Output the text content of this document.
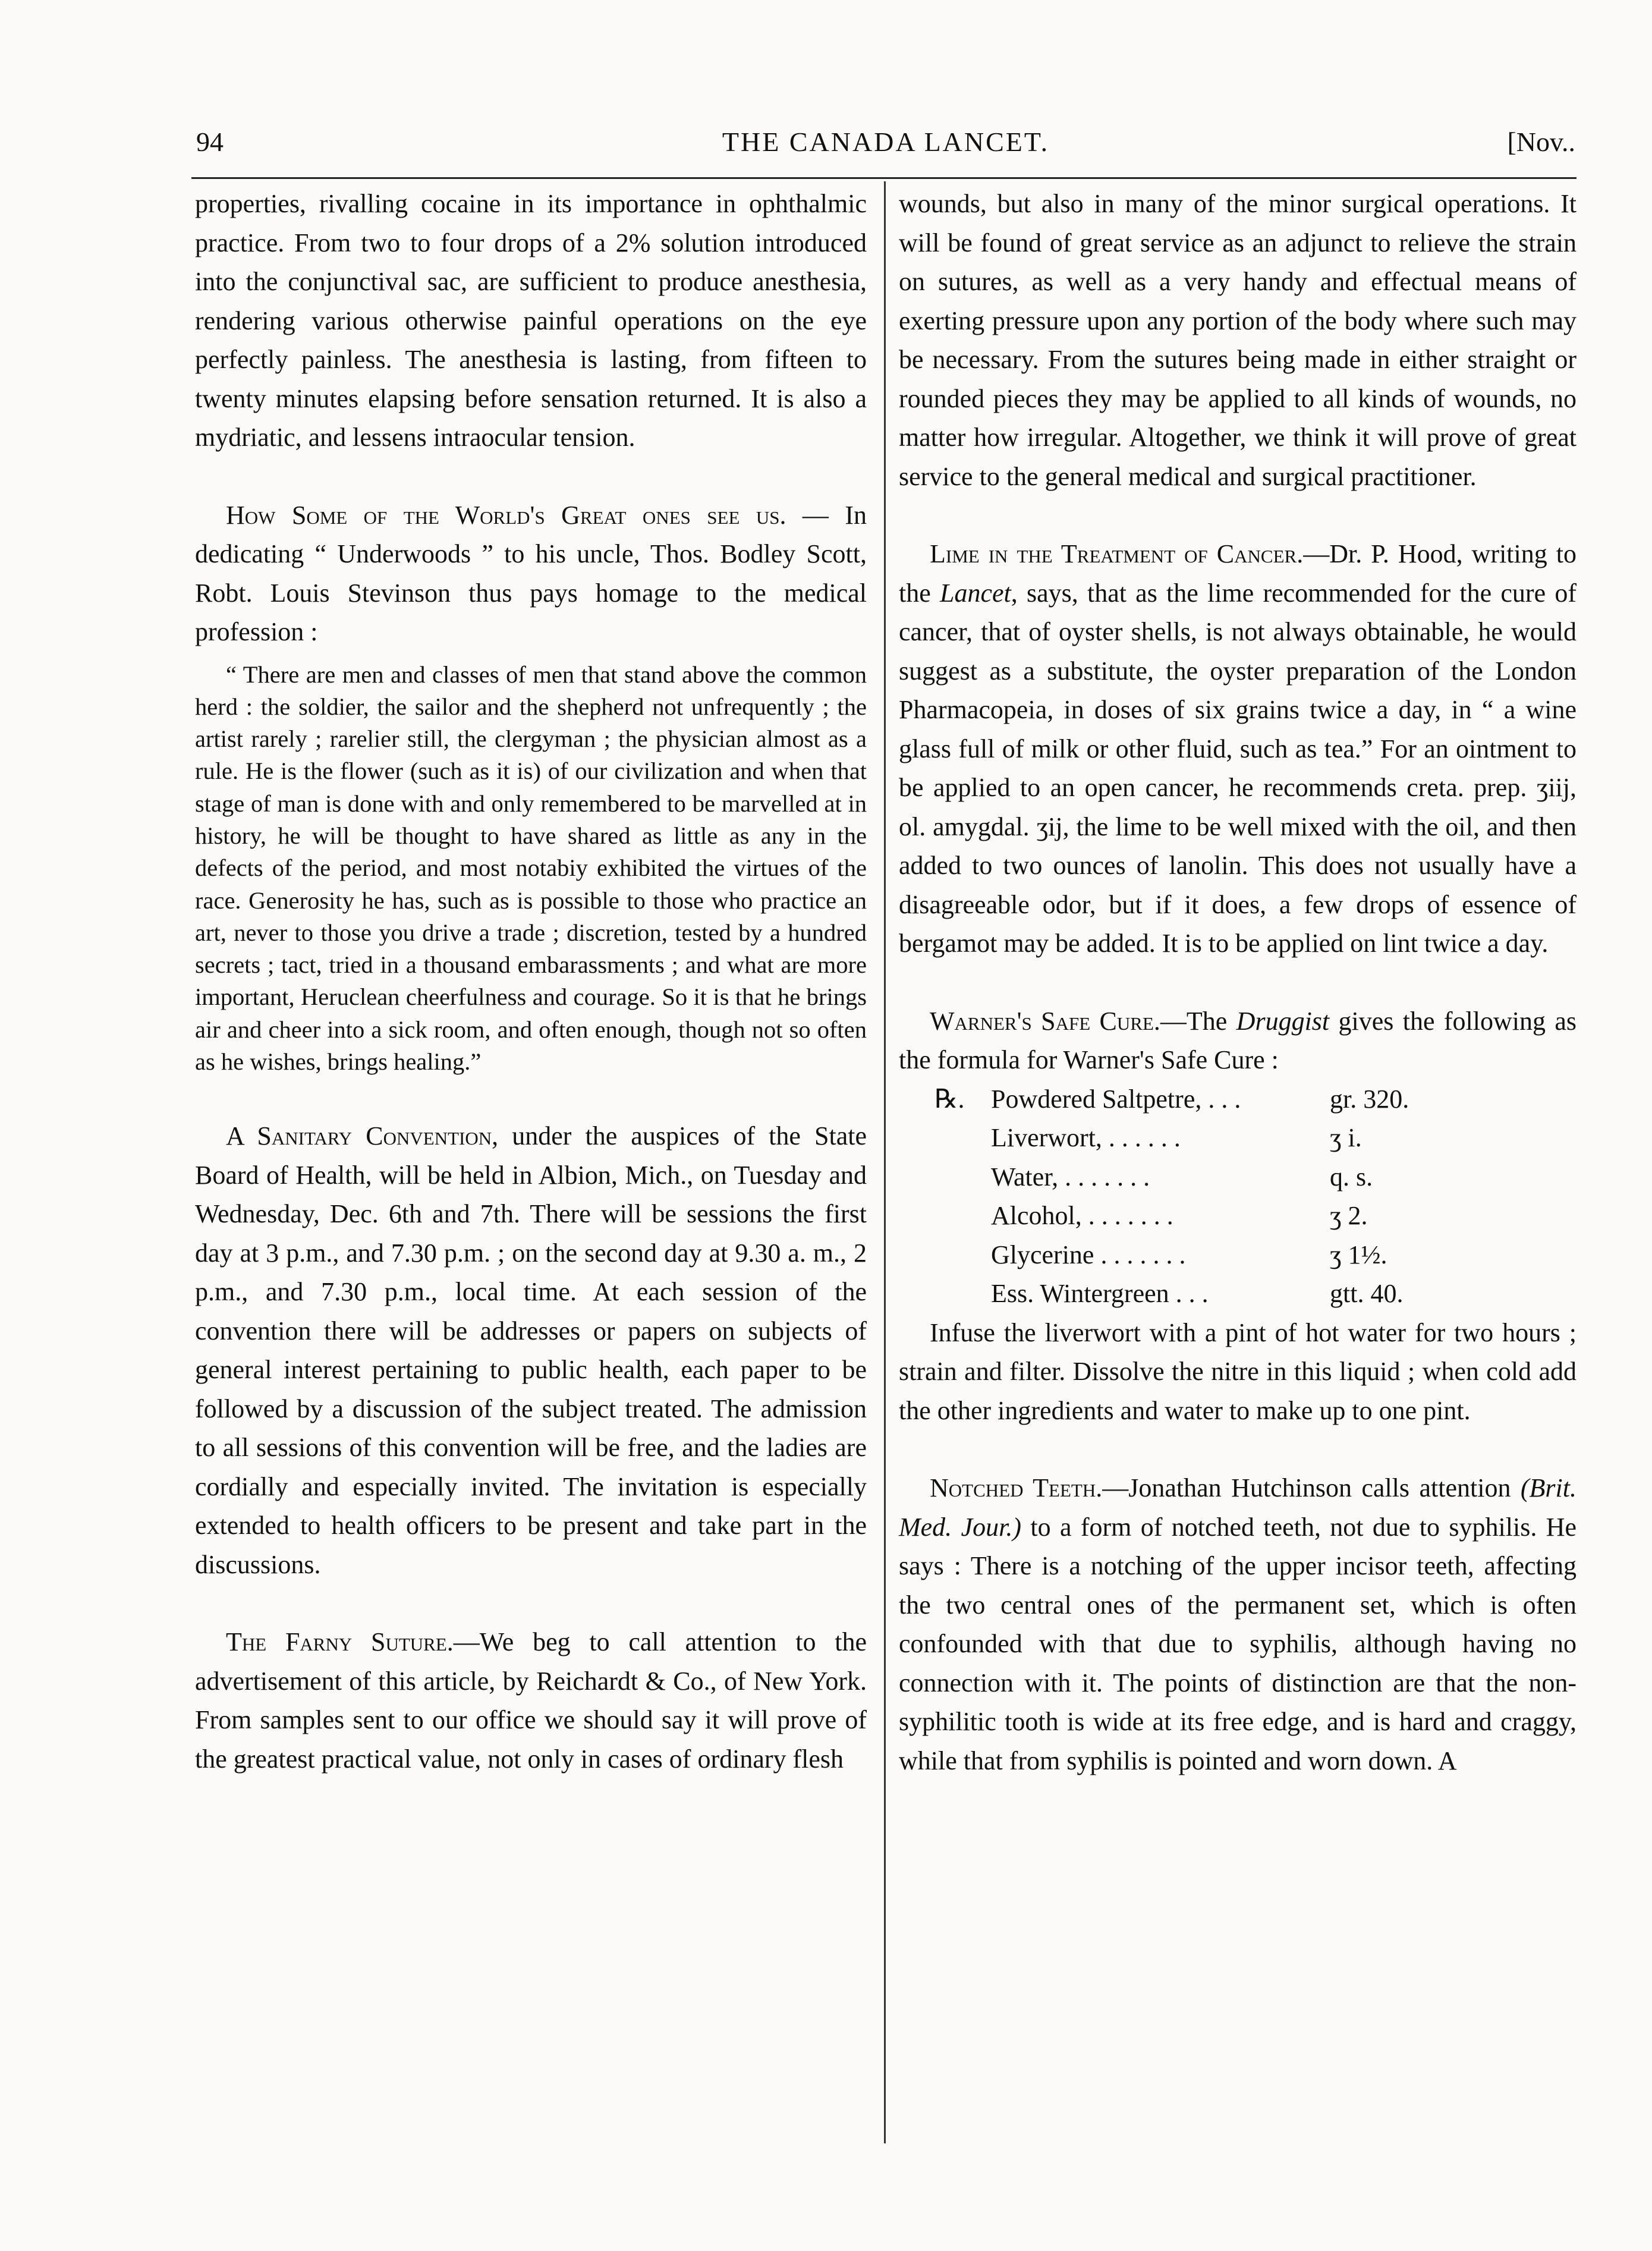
94	THE CANADA LANCET.	[Nov..

properties, rivalling cocaine in its importance in ophthalmic practice. From two to four drops of a 2% solution introduced into the conjunctival sac, are sufficient to produce anesthesia, rendering various otherwise painful operations on the eye perfectly painless. The anesthesia is lasting, from fifteen to twenty minutes elapsing before sensation returned. It is also a mydriatic, and lessens intraocular tension.

How Some of the World's Great ones see us. — In dedicating “ Underwoods ” to his uncle, Thos. Bodley Scott, Robt. Louis Stevinson thus pays homage to the medical profession :

“ There are men and classes of men that stand above the common herd : the soldier, the sailor and the shepherd not unfrequently ; the artist rarely ; rarelier still, the clergyman ; the physician almost as a rule. He is the flower (such as it is) of our civilization and when that stage of man is done with and only remembered to be marvelled at in history, he will be thought to have shared as little as any in the defects of the period, and most notabiy exhibited the virtues of the race. Generosity he has, such as is possible to those who practice an art, never to those you drive a trade ; discretion, tested by a hundred secrets ; tact, tried in a thousand embarassments ; and what are more important, Heruclean cheerfulness and courage. So it is that he brings air and cheer into a sick room, and often enough, though not so often as he wishes, brings healing.”

A Sanitary Convention, under the auspices of the State Board of Health, will be held in Albion, Mich., on Tuesday and Wednesday, Dec. 6th and 7th. There will be sessions the first day at 3 p.m., and 7.30 p.m. ; on the second day at 9.30 a. m., 2 p.m., and 7.30 p.m., local time. At each session of the convention there will be addresses or papers on subjects of general interest pertaining to public health, each paper to be followed by a discussion of the subject treated. The admission to all sessions of this convention will be free, and the ladies are cordially and especially invited. The invitation is especially extended to health officers to be present and take part in the discussions.

The Farny Suture.—We beg to call attention to the advertisement of this article, by Reichardt & Co., of New York. From samples sent to our office we should say it will prove of the greatest practical value, not only in cases of ordinary flesh

wounds, but also in many of the minor surgical operations. It will be found of great service as an adjunct to relieve the strain on sutures, as well as a very handy and effectual means of exerting pressure upon any portion of the body where such may be necessary. From the sutures being made in either straight or rounded pieces they may be applied to all kinds of wounds, no matter how irregular. Altogether, we think it will prove of great service to the general medical and surgical practitioner.

Lime in the Treatment of Cancer.—Dr. P. Hood, writing to the Lancet, says, that as the lime recommended for the cure of cancer, that of oyster shells, is not always obtainable, he would suggest as a substitute, the oyster preparation of the London Pharmacopeia, in doses of six grains twice a day, in “ a wine glass full of milk or other fluid, such as tea.” For an ointment to be applied to an open cancer, he recommends creta. prep. ʒiij, ol. amygdal. ʒij, the lime to be well mixed with the oil, and then added to two ounces of lanolin. This does not usually have a disagreeable odor, but if it does, a few drops of essence of bergamot may be added. It is to be applied on lint twice a day.

Warner's Safe Cure.—The Druggist gives the following as the formula for Warner's Safe Cure :

℞.	Powdered Saltpetre, . . .	gr. 320.
Liverwort, . . . . . .	ʒ i.
Water, . . . . . . .	q. s.
Alcohol, . . . . . . .	ʒ 2.
Glycerine . . . . . . .	ʒ 1½.
Ess. Wintergreen . . .	gtt. 40.

Infuse the liverwort with a pint of hot water for two hours ; strain and filter. Dissolve the nitre in this liquid ; when cold add the other ingredients and water to make up to one pint.

Notched Teeth.—Jonathan Hutchinson calls attention (Brit. Med. Jour.) to a form of notched teeth, not due to syphilis. He says : There is a notching of the upper incisor teeth, affecting the two central ones of the permanent set, which is often confounded with that due to syphilis, although having no connection with it. The points of distinction are that the non-syphilitic tooth is wide at its free edge, and is hard and craggy, while that from syphilis is pointed and worn down. A
